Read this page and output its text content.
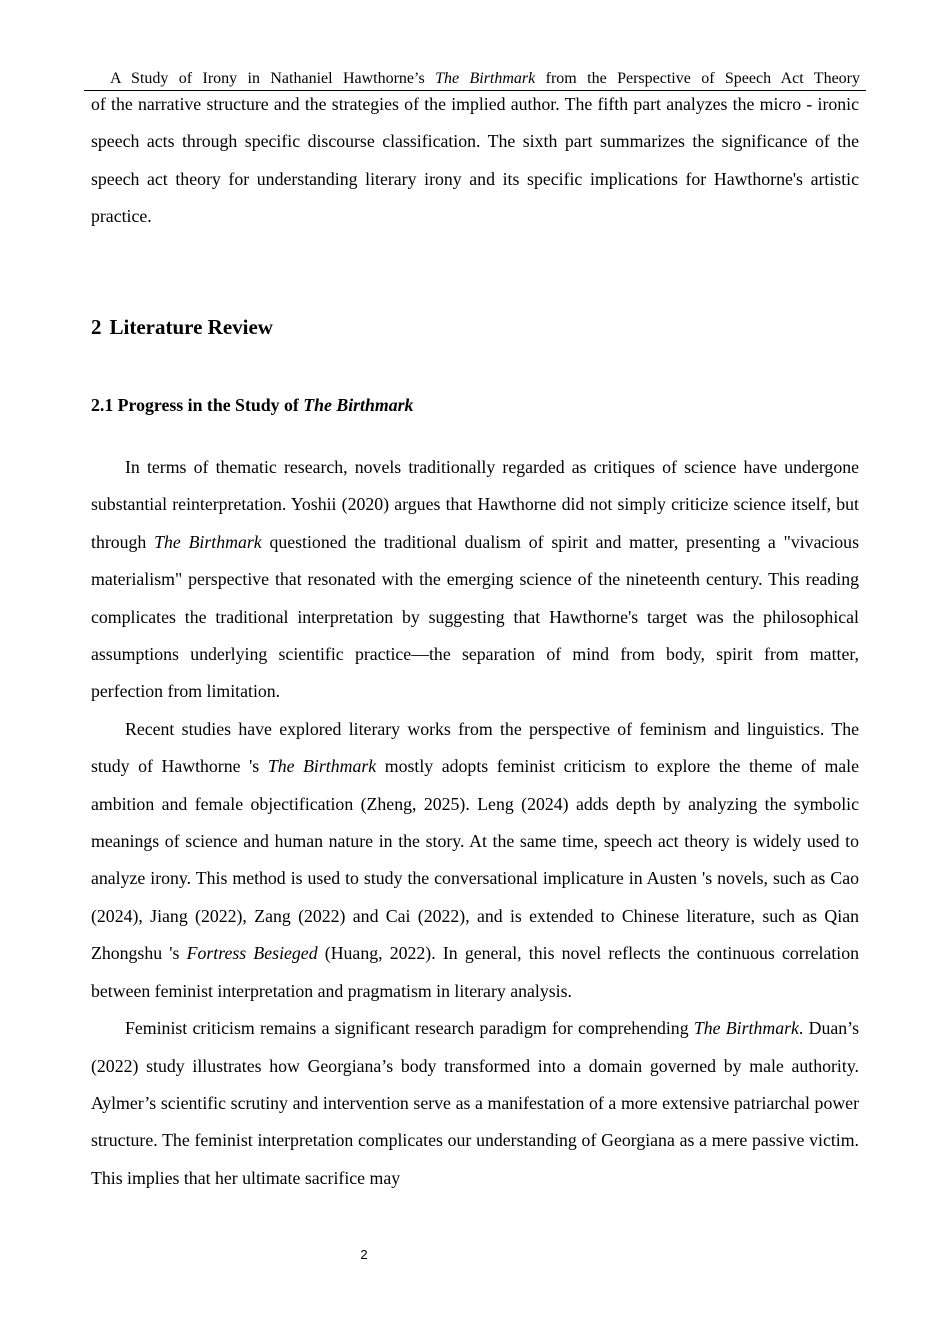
A Study of Irony in Nathaniel Hawthorne’s The Birthmark from the Perspective of Speech Act Theory

of the narrative structure and the strategies of the implied author. The fifth part analyzes the micro - ironic speech acts through specific discourse classification. The sixth part summarizes the significance of the speech act theory for understanding literary irony and its specific implications for Hawthorne's artistic practice.

2 Literature Review
2.1 Progress in the Study of The Birthmark

In terms of thematic research, novels traditionally regarded as critiques of science have undergone substantial reinterpretation. Yoshii (2020) argues that Hawthorne did not simply criticize science itself, but through The Birthmark questioned the traditional dualism of spirit and matter, presenting a "vivacious materialism" perspective that resonated with the emerging science of the nineteenth century. This reading complicates the traditional interpretation by suggesting that Hawthorne's target was the philosophical assumptions underlying scientific practice—the separation of mind from body, spirit from matter, perfection from limitation.

Recent studies have explored literary works from the perspective of feminism and linguistics. The study of Hawthorne 's The Birthmark mostly adopts feminist criticism to explore the theme of male ambition and female objectification (Zheng, 2025). Leng (2024) adds depth by analyzing the symbolic meanings of science and human nature in the story. At the same time, speech act theory is widely used to analyze irony. This method is used to study the conversational implicature in Austen 's novels, such as Cao (2024), Jiang (2022), Zang (2022) and Cai (2022), and is extended to Chinese literature, such as Qian Zhongshu 's Fortress Besieged (Huang, 2022). In general, this novel reflects the continuous correlation between feminist interpretation and pragmatism in literary analysis.

Feminist criticism remains a significant research paradigm for comprehending The Birthmark. Duan’s (2022) study illustrates how Georgiana’s body transformed into a domain governed by male authority. Aylmer’s scientific scrutiny and intervention serve as a manifestation of a more extensive patriarchal power structure. The feminist interpretation complicates our understanding of Georgiana as a mere passive victim. This implies that her ultimate sacrifice may

2
